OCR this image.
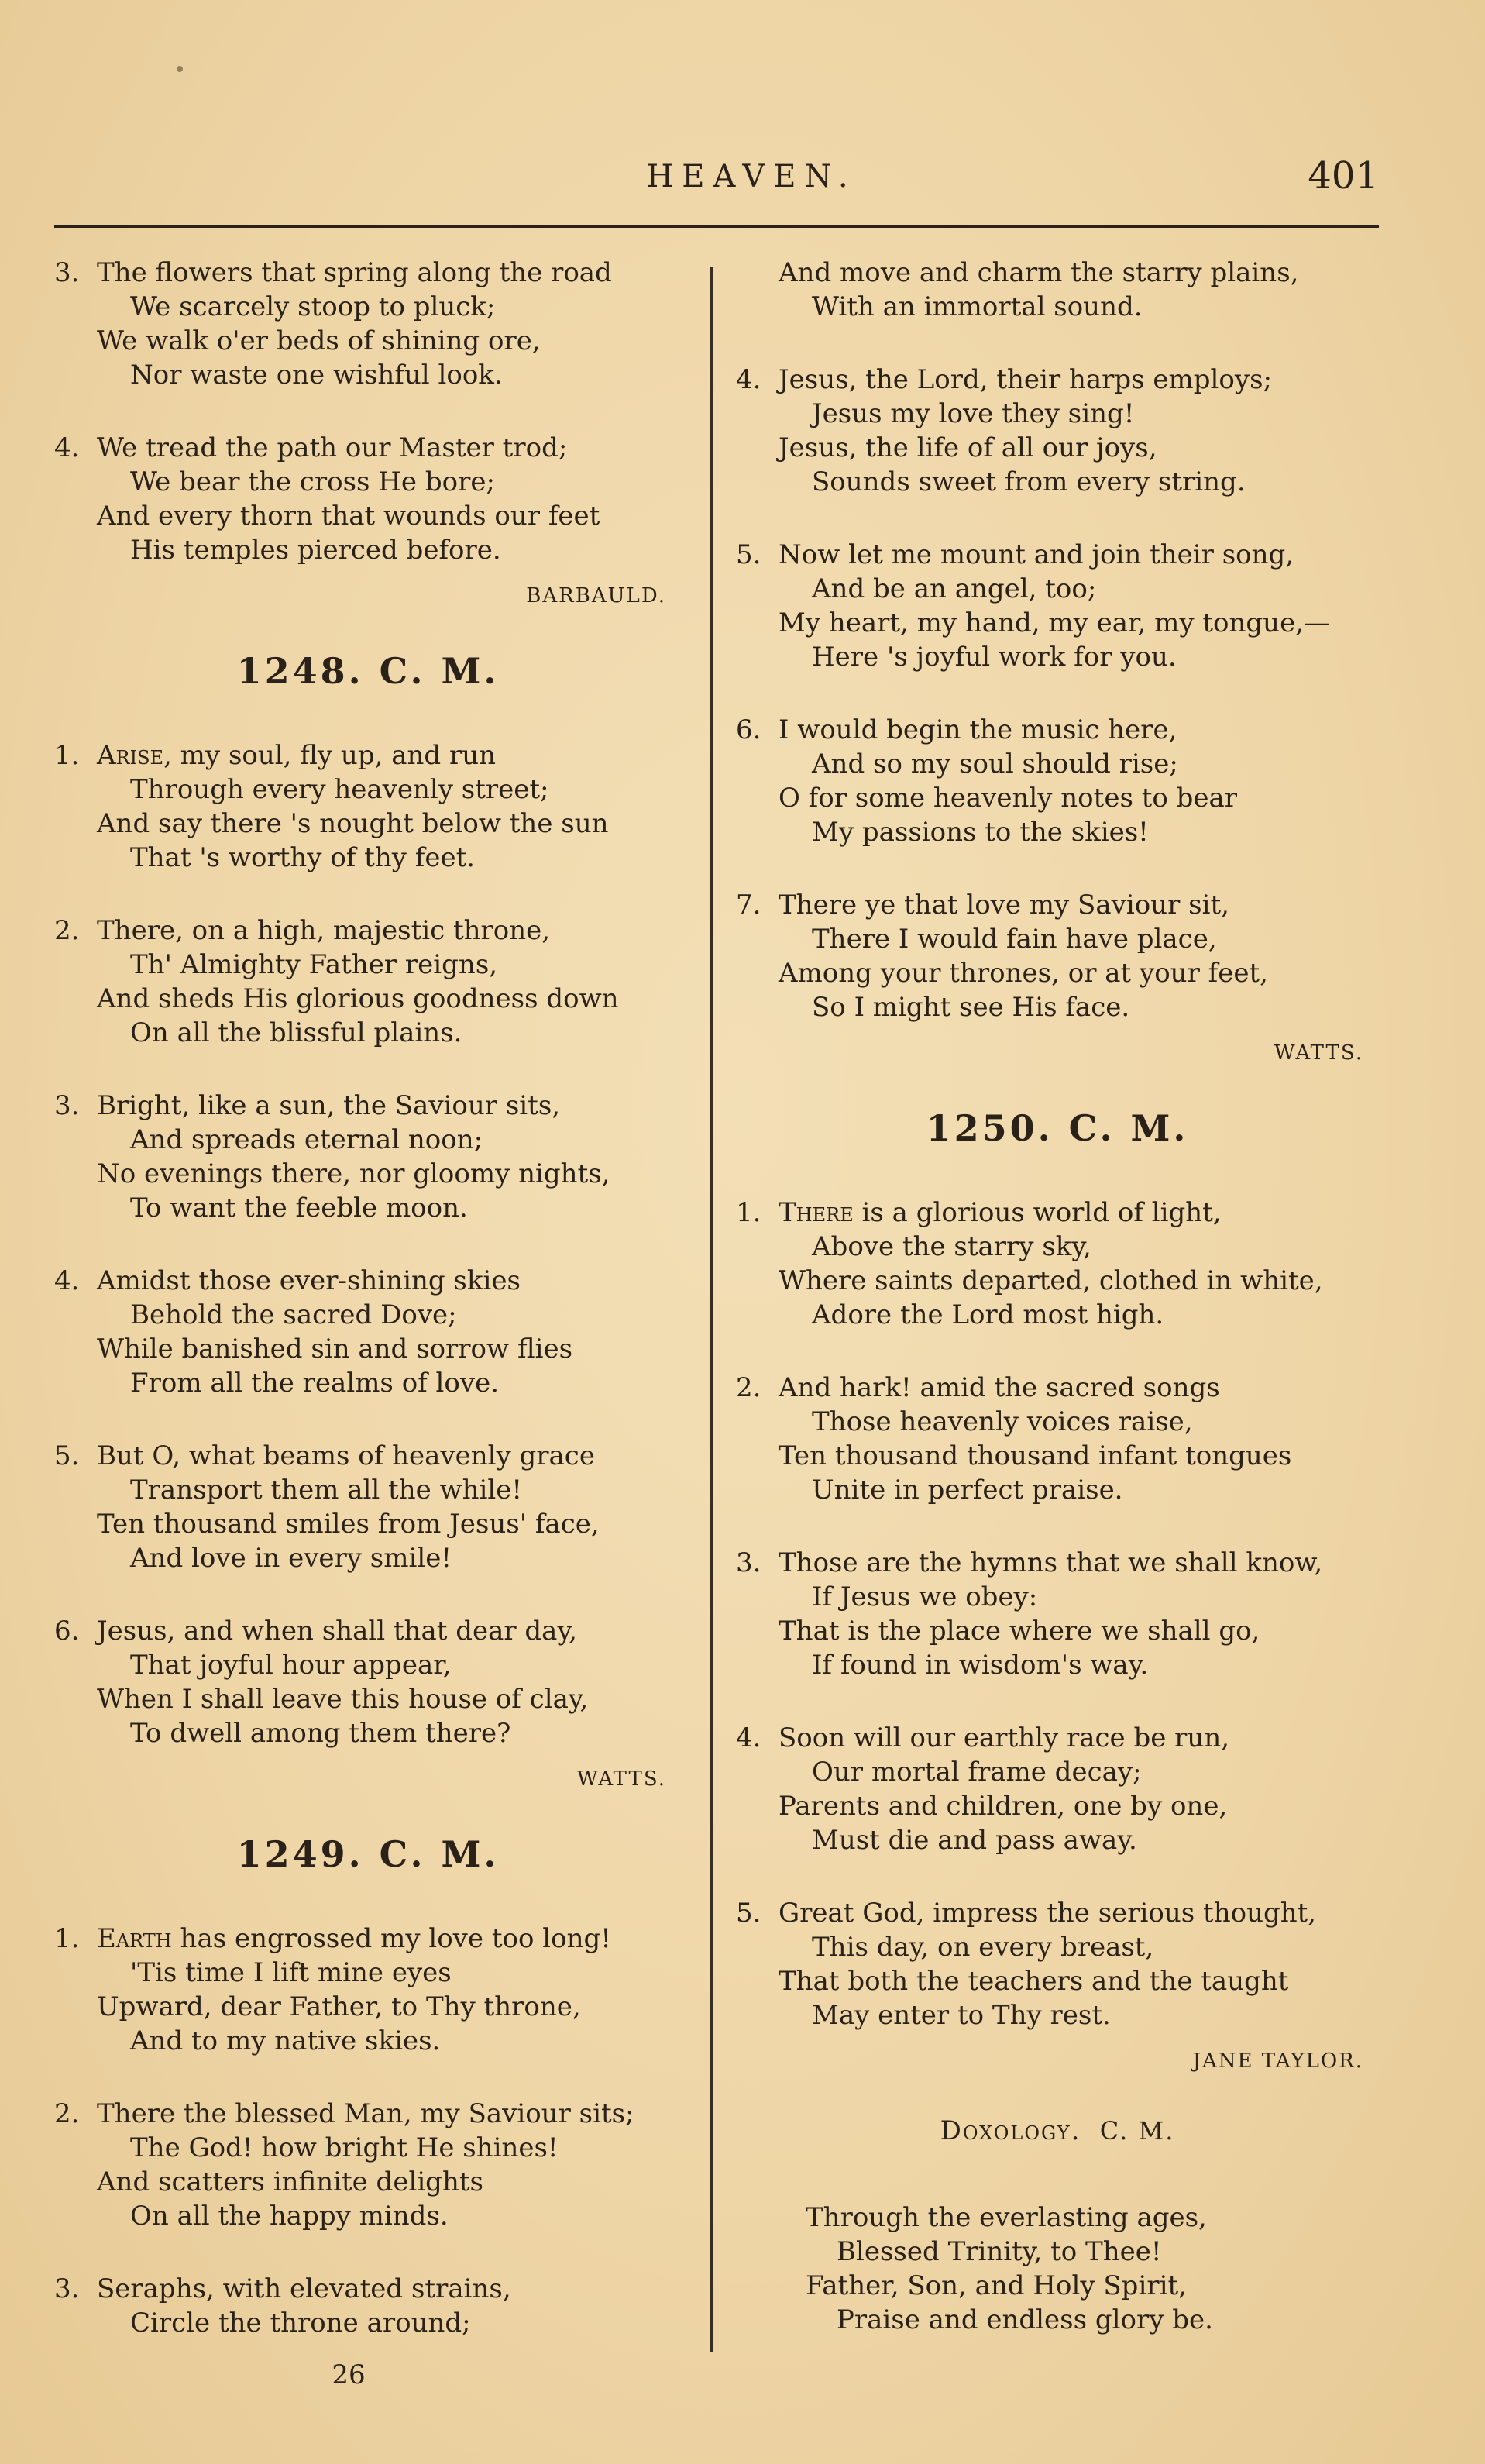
HEAVEN.	401
3. The flowers that spring along the road
We scarcely stoop to pluck;
We walk o'er beds of shining ore,
Nor waste one wishful look.
4. We tread the path our Master trod;
We bear the cross He bore;
And every thorn that wounds our feet
His temples pierced before.
BARBAULD.
1248. C. M.
1. Arise, my soul, fly up, and run
Through every heavenly street;
And say there 's nought below the sun
That 's worthy of thy feet.
2. There, on a high, majestic throne,
Th' Almighty Father reigns,
And sheds His glorious goodness down
On all the blissful plains.
3. Bright, like a sun, the Saviour sits,
And spreads eternal noon;
No evenings there, nor gloomy nights,
To want the feeble moon.
4. Amidst those ever-shining skies
Behold the sacred Dove;
While banished sin and sorrow flies
From all the realms of love.
5. But O, what beams of heavenly grace
Transport them all the while!
Ten thousand smiles from Jesus' face,
And love in every smile!
6. Jesus, and when shall that dear day,
That joyful hour appear,
When I shall leave this house of clay,
To dwell among them there?
WATTS.
1249. C. M.
1. Earth has engrossed my love too long!
'Tis time I lift mine eyes
Upward, dear Father, to Thy throne,
And to my native skies.
2. There the blessed Man, my Saviour sits;
The God! how bright He shines!
And scatters infinite delights
On all the happy minds.
3. Seraphs, with elevated strains,
Circle the throne around;
26
And move and charm the starry plains,
With an immortal sound.
4. Jesus, the Lord, their harps employs;
Jesus my love they sing!
Jesus, the life of all our joys,
Sounds sweet from every string.
5. Now let me mount and join their song,
And be an angel, too;
My heart, my hand, my ear, my tongue,—
Here 's joyful work for you.
6. I would begin the music here,
And so my soul should rise;
O for some heavenly notes to bear
My passions to the skies!
7. There ye that love my Saviour sit,
There I would fain have place,
Among your thrones, or at your feet,
So I might see His face.
WATTS.
1250. C. M.
1. There is a glorious world of light,
Above the starry sky,
Where saints departed, clothed in white,
Adore the Lord most high.
2. And hark! amid the sacred songs
Those heavenly voices raise,
Ten thousand thousand infant tongues
Unite in perfect praise.
3. Those are the hymns that we shall know,
If Jesus we obey:
That is the place where we shall go,
If found in wisdom's way.
4. Soon will our earthly race be run,
Our mortal frame decay;
Parents and children, one by one,
Must die and pass away.
5. Great God, impress the serious thought,
This day, on every breast,
That both the teachers and the taught
May enter to Thy rest.
JANE TAYLOR.
Doxology. C. M.
Through the everlasting ages,
Blessed Trinity, to Thee!
Father, Son, and Holy Spirit,
Praise and endless glory be.
